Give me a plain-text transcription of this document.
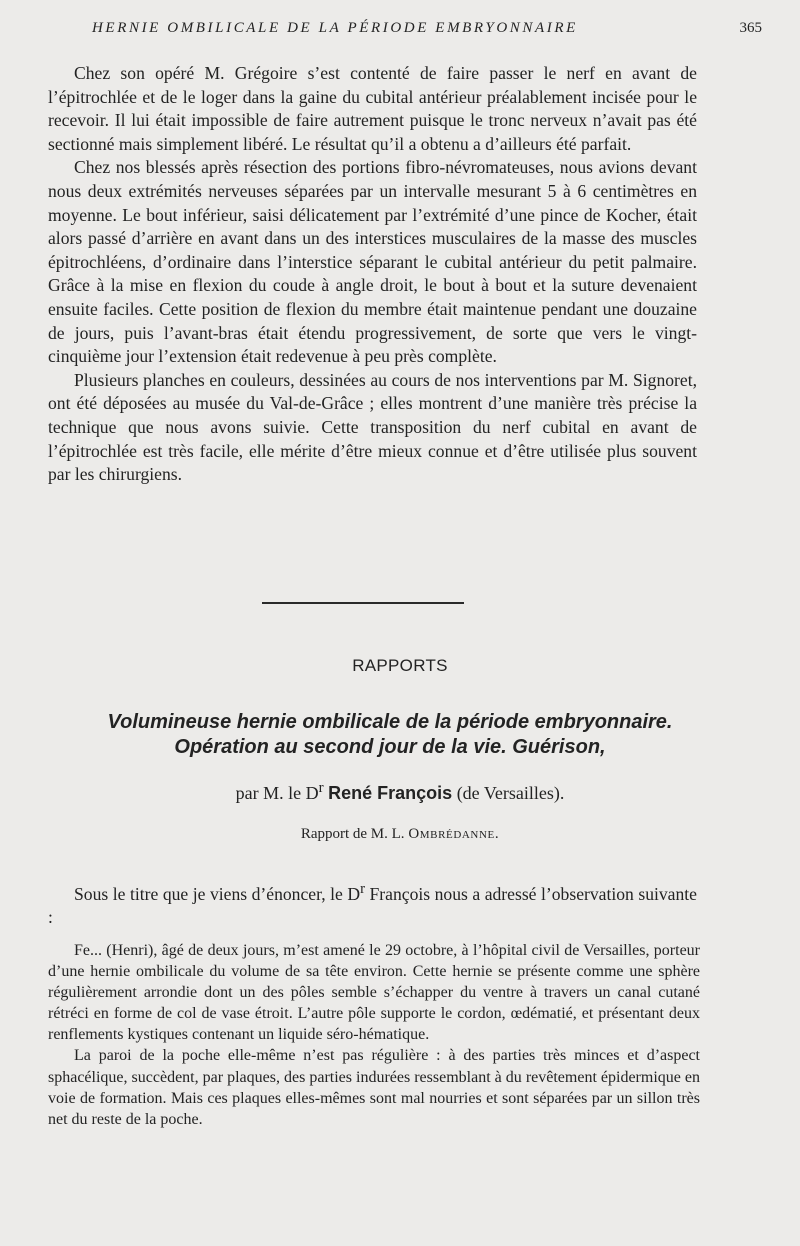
HERNIE OMBILICALE DE LA PÉRIODE EMBRYONNAIRE	365

Chez son opéré M. Grégoire s’est contenté de faire passer le nerf en avant de l’épitrochlée et de le loger dans la gaine du cubital antérieur préalablement incisée pour le recevoir. Il lui était impossible de faire autrement puisque le tronc nerveux n’avait pas été sectionné mais simplement libéré. Le résultat qu’il a obtenu a d’ailleurs été parfait.

Chez nos blessés après résection des portions fibro-névromateuses, nous avions devant nous deux extrémités nerveuses séparées par un intervalle mesurant 5 à 6 centimètres en moyenne. Le bout inférieur, saisi délicatement par l’extrémité d’une pince de Kocher, était alors passé d’arrière en avant dans un des interstices musculaires de la masse des muscles épitrochléens, d’ordinaire dans l’interstice séparant le cubital antérieur du petit palmaire. Grâce à la mise en flexion du coude à angle droit, le bout à bout et la suture devenaient ensuite faciles. Cette position de flexion du membre était maintenue pendant une douzaine de jours, puis l’avant-bras était étendu progressivement, de sorte que vers le vingt-cinquième jour l’extension était redevenue à peu près complète.

Plusieurs planches en couleurs, dessinées au cours de nos interventions par M. Signoret, ont été déposées au musée du Val-de-Grâce ; elles montrent d’une manière très précise la technique que nous avons suivie. Cette transposition du nerf cubital en avant de l’épitrochlée est très facile, elle mérite d’être mieux connue et d’être utilisée plus souvent par les chirurgiens.

RAPPORTS
Volumineuse hernie ombilicale de la période embryonnaire.
Opération au second jour de la vie. Guérison,
par M. le $D^r$ René François (de Versailles).
Rapport de M. L. Ombrédanne.

Sous le titre que je viens d’énoncer, le $D^r$ François nous a adressé l’observation suivante :

Fe... (Henri), âgé de deux jours, m’est amené le 29 octobre, à l’hôpital civil de Versailles, porteur d’une hernie ombilicale du volume de sa tête environ. Cette hernie se présente comme une sphère régulièrement arrondie dont un des pôles semble s’échapper du ventre à travers un canal cutané rétréci en forme de col de vase étroit. L’autre pôle supporte le cordon, œdématié, et présentant deux renflements kystiques contenant un liquide séro-hématique.

La paroi de la poche elle-même n’est pas régulière : à des parties très minces et d’aspect sphacélique, succèdent, par plaques, des parties indurées ressemblant à du revêtement épidermique en voie de formation. Mais ces plaques elles-mêmes sont mal nourries et sont séparées par un sillon très net du reste de la poche.
